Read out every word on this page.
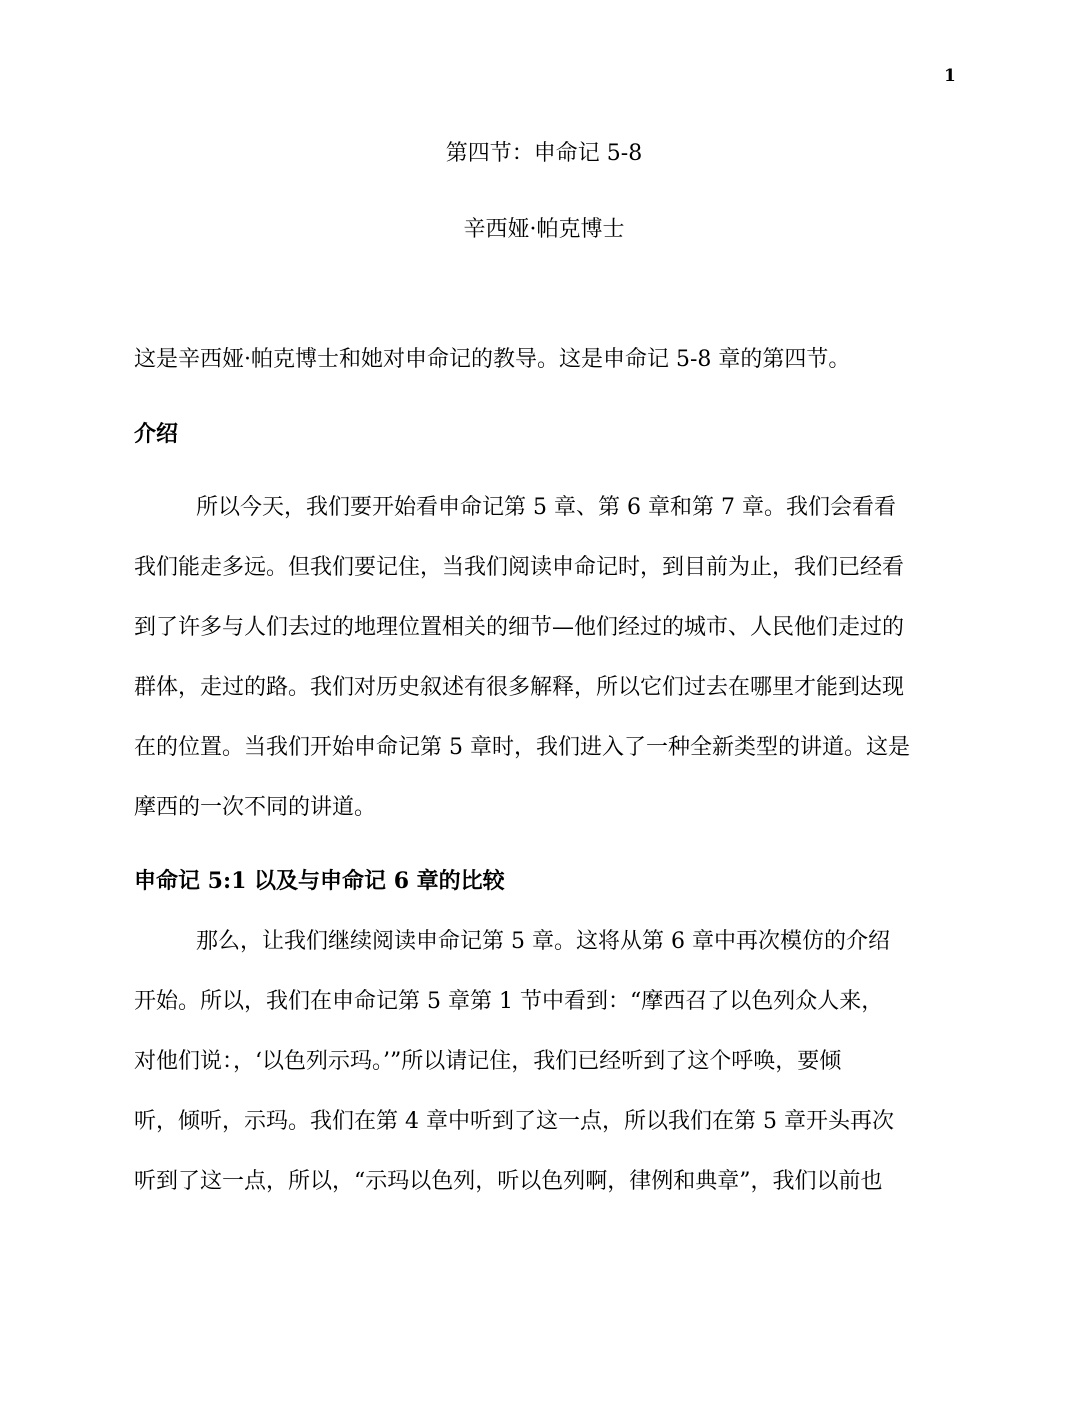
1
第四节：申命记 5-8
辛西娅·帕克博士
这是辛西娅·帕克博士和她对申命记的教导。这是申命记 5-8 章的第四节。
介绍
所以今天，我们要开始看申命记第 5 章、第 6 章和第 7 章。我们会看看
我们能走多远。但我们要记住，当我们阅读申命记时，到目前为止，我们已经看
到了许多与人们去过的地理位置相关的细节—他们经过的城市、人民他们走过的
群体，走过的路。我们对历史叙述有很多解释，所以它们过去在哪里才能到达现
在的位置。当我们开始申命记第 5 章时，我们进入了一种全新类型的讲道。这是
摩西的一次不同的讲道。
申命记 5:1 以及与申命记 6 章的比较
那么，让我们继续阅读申命记第 5 章。这将从第 6 章中再次模仿的介绍
开始。所以，我们在申命记第 5 章第 1 节中看到：“摩西召了以色列众人来，
对他们说：，‘以色列示玛。’”所以请记住，我们已经听到了这个呼唤，要倾
听，倾听，示玛。我们在第 4 章中听到了这一点，所以我们在第 5 章开头再次
听到了这一点，所以，“示玛以色列，听以色列啊，律例和典章”，我们以前也
